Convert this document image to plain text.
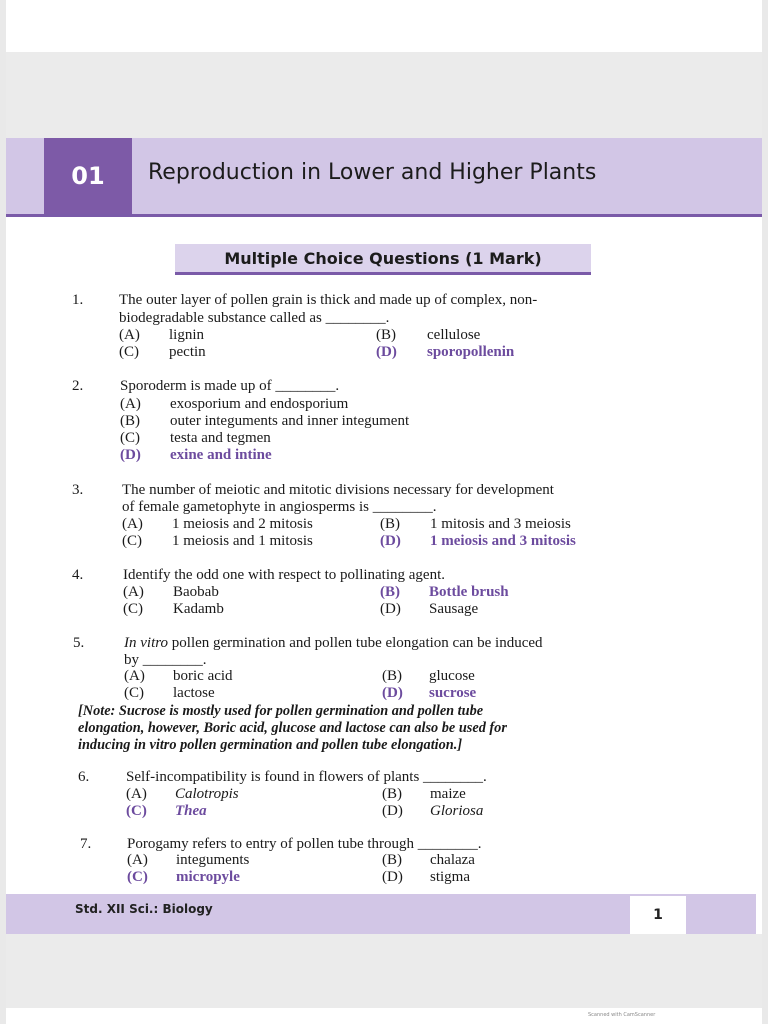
01	Reproduction in Lower and Higher Plants
Multiple Choice Questions (1 Mark)
1. The outer layer of pollen grain is thick and made up of complex, non-
biodegradable substance called as ________.
(A) lignin	(B) cellulose
(C) pectin	(D) sporopollenin
2. Sporoderm is made up of ________.
(A) exosporium and endosporium
(B) outer integuments and inner integument
(C) testa and tegmen
(D) exine and intine
3.	The number of meiotic and mitotic divisions necessary for development
of female gametophyte in angiosperms is ________.
(A) 1 meiosis and 2 mitosis	(B) 1 mitosis and 3 meiosis
(C) 1 meiosis and 1 mitosis	(D) 1 meiosis and 3 mitosis
4.	Identify the odd one with respect to pollinating agent.
(A) Baobab	(B) Bottle brush
(C) Kadamb	(D) Sausage
5.	In vitro pollen germination and pollen tube elongation can be induced
by ________.
(A) boric acid	(B) glucose
(C) lactose	(D) sucrose
[Note: Sucrose is mostly used for pollen germination and pollen tube
elongation, however, Boric acid, glucose and lactose can also be used for
inducing in vitro pollen germination and pollen tube elongation.]
6. Self-incompatibility is found in flowers of plants ________.
(A) Calotropis	(B) maize
(C) Thea	(D) Gloriosa
7. Porogamy refers to entry of pollen tube through ________.
(A) integuments	(B) chalaza
(C) micropyle	(D) stigma
Std. XII Sci.: Biology	1
Scanned with CamScanner
